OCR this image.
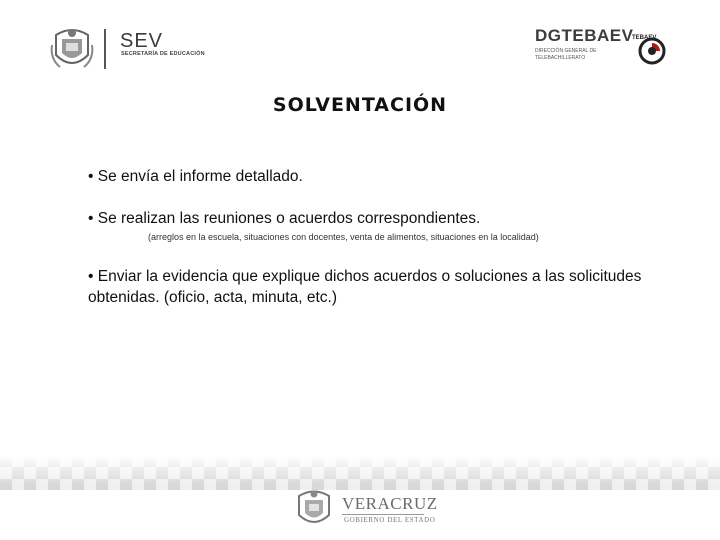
SEV
SECRETARÍA DE EDUCACIÓN
DGTEBAEV
DIRECCIÓN GENERAL DE TELEBACHILLERATO
TEBAEV
SOLVENTACIÓN
• Se envía el informe detallado.
• Se realizan las reuniones o acuerdos correspondientes.
(arreglos en la escuela, situaciones con docentes, venta de alimentos, situaciones en la localidad)
• Enviar la evidencia que explique dichos acuerdos o soluciones a las solicitudes obtenidas. (oficio, acta, minuta, etc.)
VERACRUZ
GOBIERNO DEL ESTADO
